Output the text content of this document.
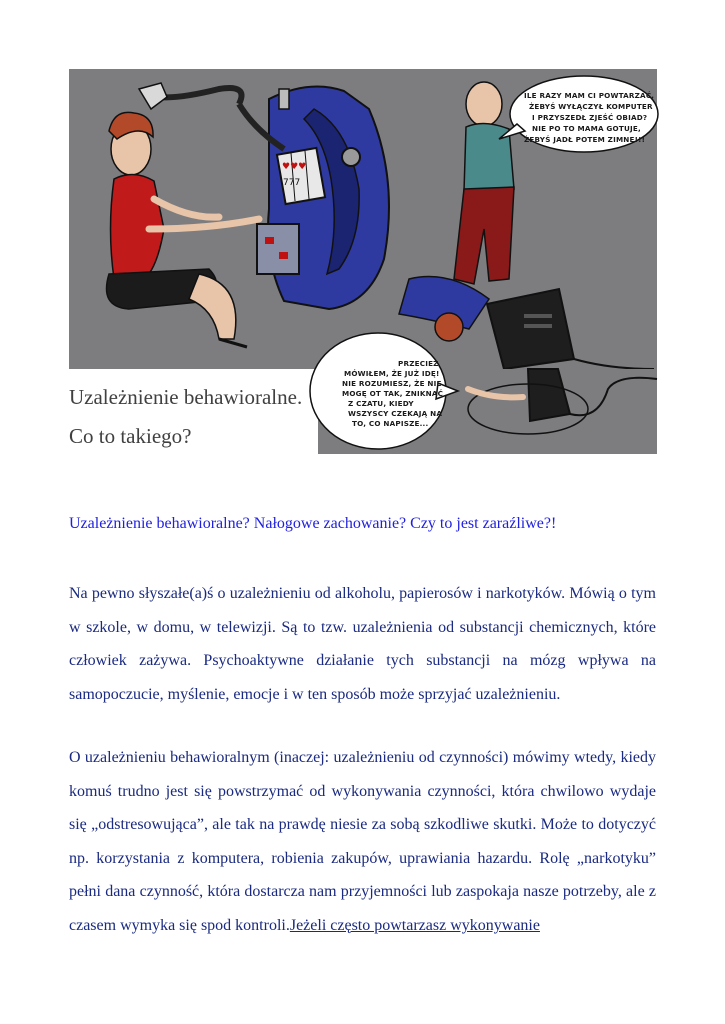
♥♥♥
777
ILE RAZY MAM CI POWTARZAĆ,
ŻEBYŚ WYŁĄCZYŁ KOMPUTER
I PRZYSZEDŁ ZJEŚĆ OBIAD?
NIE PO TO MAMA GOTUJE,
ŻEBYŚ JADŁ POTEM ZIMNE!!!
PRZECIEŻ
MÓWIŁEM, ŻE JUŻ IDĘ!
NIE ROZUMIESZ, ŻE NIE
MOGĘ OT TAK, ZNIKNĄĆ
Z CZATU, KIEDY
WSZYSCY CZEKAJĄ NA
TO, CO NAPISZE...
Uzależnienie behawioralne. Co to takiego?

Uzależnienie behawioralne? Nałogowe zachowanie? Czy to jest zaraźliwe?!

Na pewno słyszałe(a)ś o uzależnieniu od alkoholu, papierosów i narkotyków. Mówią o tym w szkole, w domu, w telewizji. Są to tzw. uzależnienia od substancji chemicznych, które człowiek zażywa. Psychoaktywne działanie tych substancji na mózg wpływa na samopoczucie, myślenie, emocje i w ten sposób może sprzyjać uzależnieniu.

O uzależnieniu behawioralnym (inaczej: uzależnieniu od czynności) mówimy wtedy, kiedy komuś trudno jest się powstrzymać od wykonywania czynności, która chwilowo wydaje się „odstresowująca”, ale tak na prawdę niesie za sobą szkodliwe skutki. Może to dotyczyć np. korzystania z komputera, robienia zakupów, uprawiania hazardu. Rolę „narkotyku” pełni dana czynność, która dostarcza nam przyjemności lub zaspokaja nasze potrzeby, ale z czasem wymyka się spod kontroli.Jeżeli często powtarzasz wykonywanie
